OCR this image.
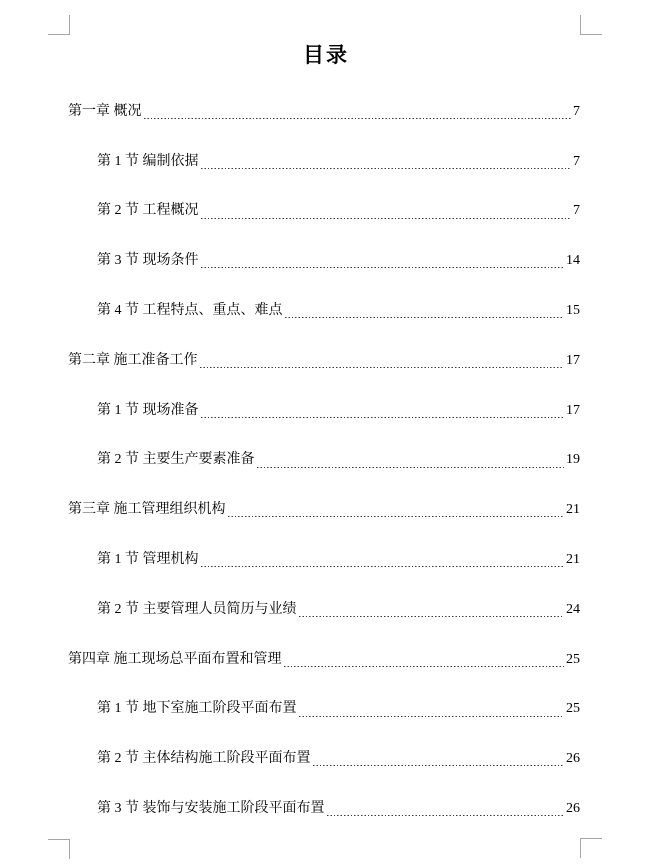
目录
第一章 概况	7
第 1 节 编制依据	7
第 2 节 工程概况	7
第 3 节 现场条件	14
第 4 节 工程特点、重点、难点	15
第二章 施工准备工作	17
第 1 节 现场准备	17
第 2 节 主要生产要素准备	19
第三章 施工管理组织机构	21
第 1 节 管理机构	21
第 2 节 主要管理人员简历与业绩	24
第四章 施工现场总平面布置和管理	25
第 1 节 地下室施工阶段平面布置	25
第 2 节 主体结构施工阶段平面布置	26
第 3 节 装饰与安装施工阶段平面布置	26
